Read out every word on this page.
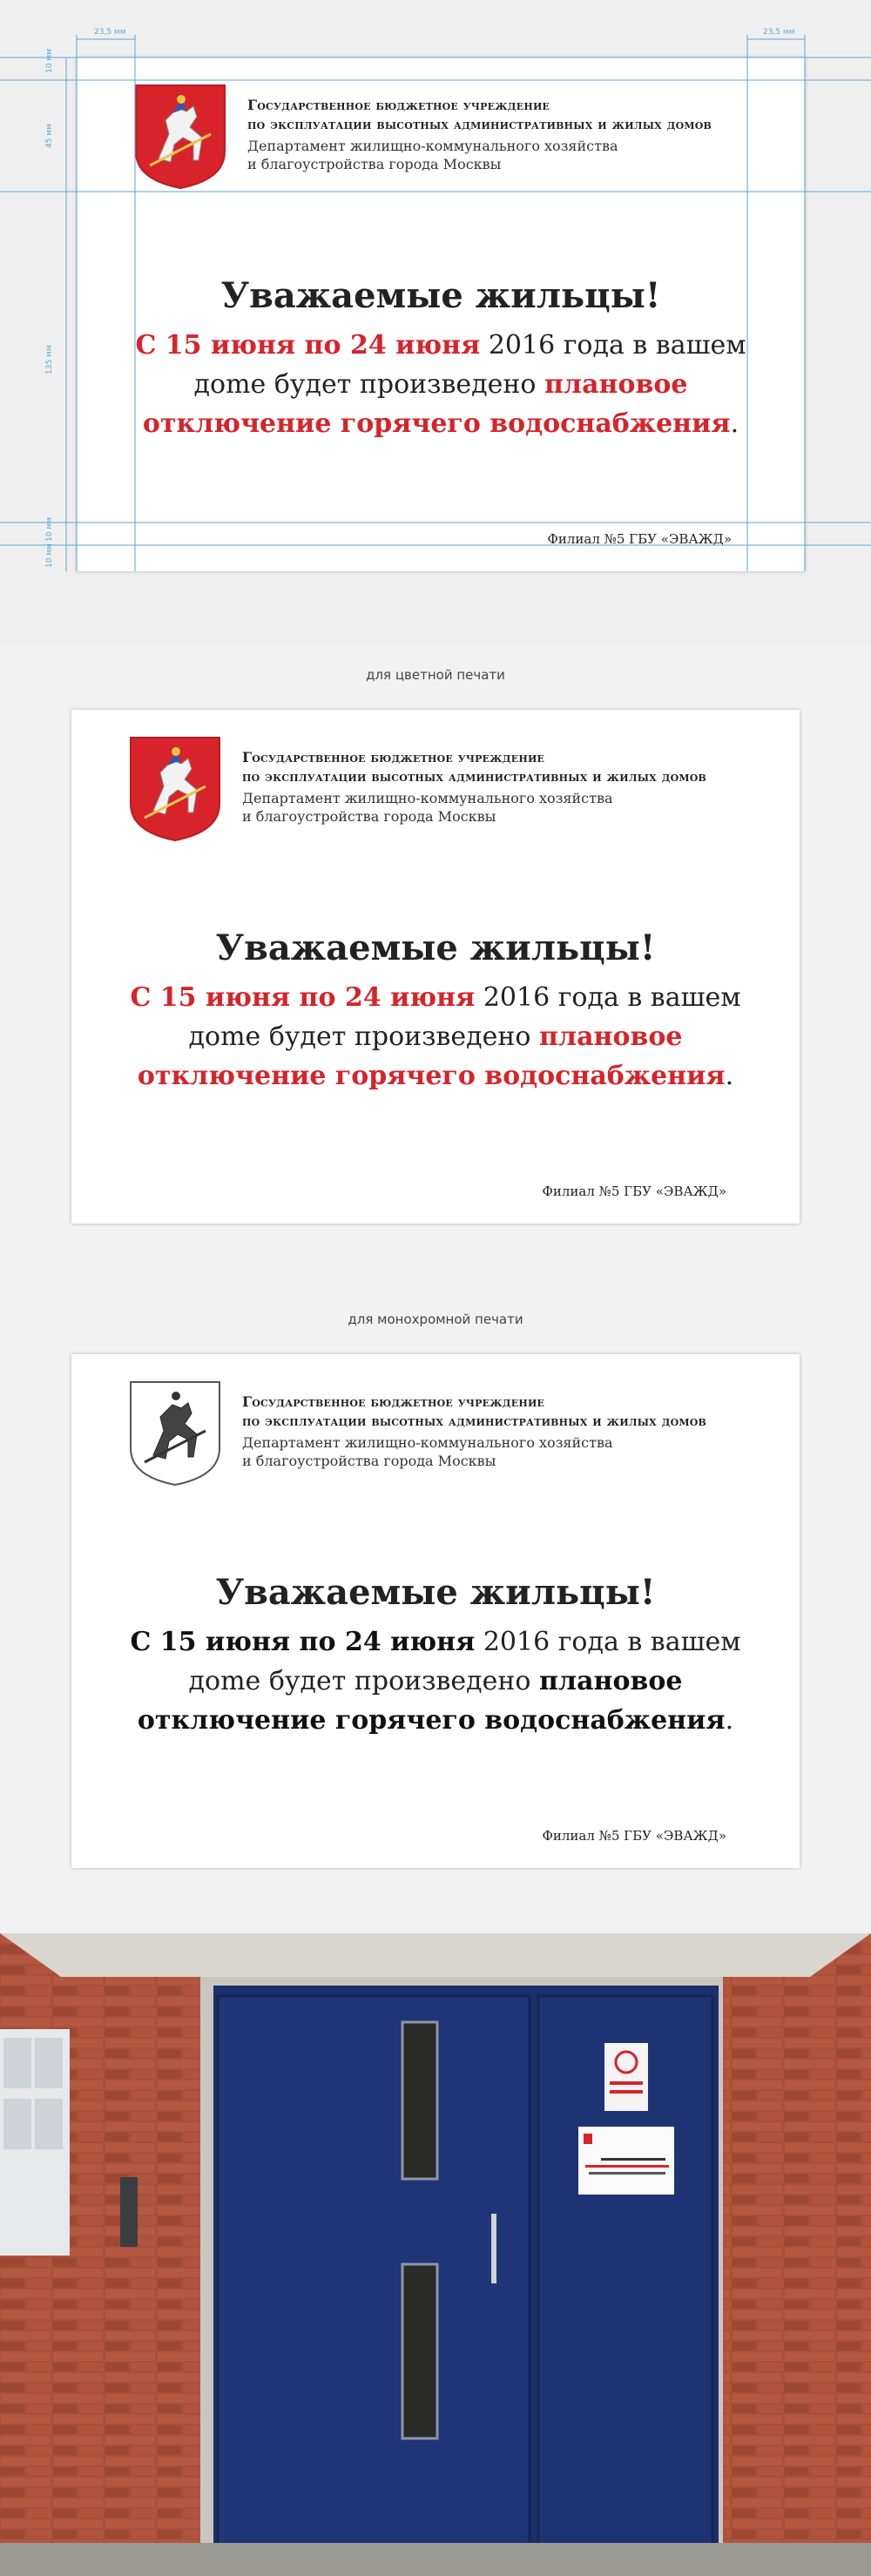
Государственное бюджетное учреждение
по эксплуатации высотных административных и жилых домов
Департамент жилищно-коммунального хозяйства
и благоустройства города Москвы
Уважаемые жильцы!
С 15 июня по 24 июня 2016 года в вашем дome будет произведено плановое отключение горячего водоснабжения.
Филиал №5 ГБУ «ЭВАЖД»
23,5 мм	23,5 мм
10 мм
45 мм
135 мм
10 мм
10 мм
для цветной печати
Государственное бюджетное учреждение
по эксплуатации высотных административных и жилых домов
Департамент жилищно-коммунального хозяйства
и благоустройства города Москвы
Уважаемые жильцы!
С 15 июня по 24 июня 2016 года в вашем дome будет произведено плановое отключение горячего водоснабжения.
Филиал №5 ГБУ «ЭВАЖД»
для монохромной печати
Государственное бюджетное учреждение
по эксплуатации высотных административных и жилых домов
Департамент жилищно-коммунального хозяйства
и благоустройства города Москвы
Уважаемые жильцы!
С 15 июня по 24 июня 2016 года в вашем дome будет произведено плановое отключение горячего водоснабжения.
Филиал №5 ГБУ «ЭВАЖД»
